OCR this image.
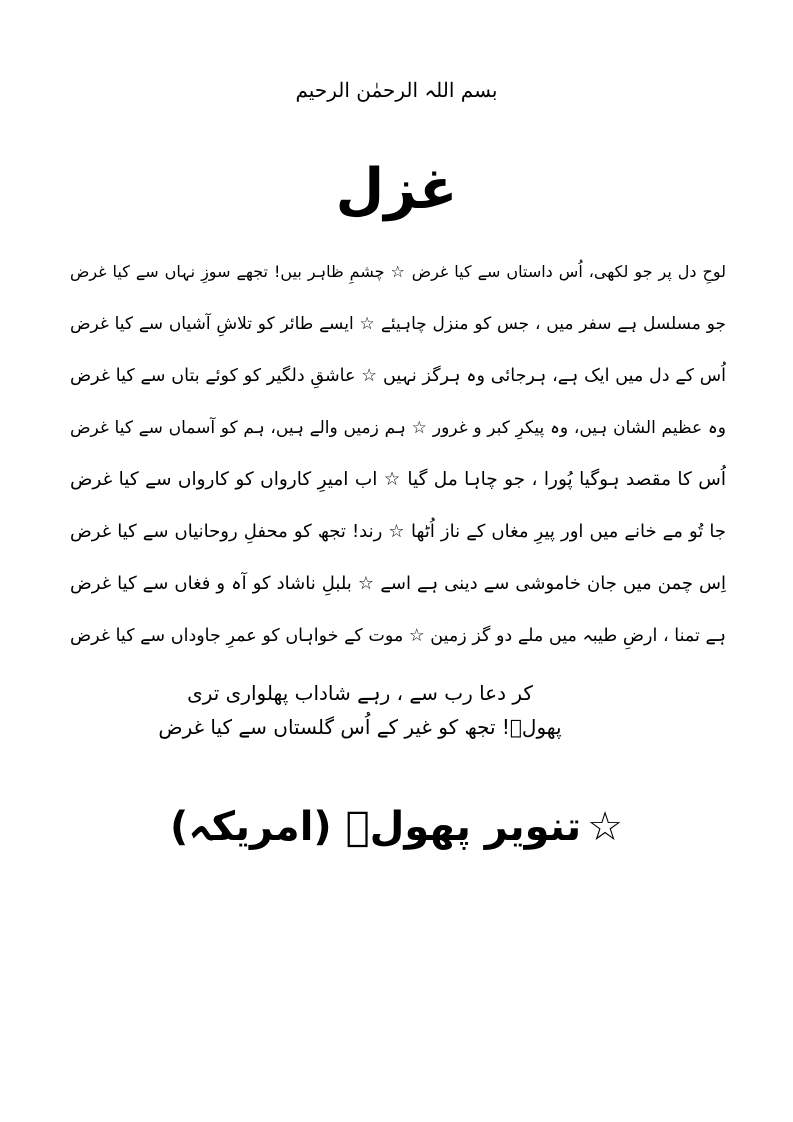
بسم اللہ الرحمٰن الرحیم
غزل
لوحِ دل پر جو لکھی، اُس داستاں سے کیا غرض ☆ چشمِ ظاہر بیں! تجھے سوزِ نہاں سے کیا غرض
جو مسلسل ہے سفر میں ، جس کو منزل چاہیئے ☆ ایسے طائر کو تلاشِ آشیاں سے کیا غرض
اُس کے دل میں ایک ہے، ہرجائی وہ ہرگز نہیں ☆ عاشقِ دلگیر کو کوئے بتاں سے کیا غرض
وہ عظیم الشان ہیں، وہ پیکرِ کبر و غرور ☆ ہم زمیں والے ہیں، ہم کو آسماں سے کیا غرض
اُس کا مقصد ہوگیا پُورا ، جو چاہا مل گیا ☆ اب امیرِ کارواں کو کارواں سے کیا غرض
جا تُو مے خانے میں اور پیرِ مغاں کے ناز اُٹھا ☆ رند! تجھ کو محفلِ روحانیاں سے کیا غرض
اِس چمن میں جان خاموشی سے دینی ہے اسے ☆ بلبلِ ناشاد کو آہ و فغاں سے کیا غرض
ہے تمنا ، ارضِ طیبہ میں ملے دو گز زمین ☆ موت کے خواہاں کو عمرِ جاوداں سے کیا غرض
کر دعا رب سے ، رہے شاداب پھلواری تری
پھولؔ! تجھ کو غیر کے اُس گلستاں سے کیا غرض
☆تنویر پھولؔ (امریکہ)
